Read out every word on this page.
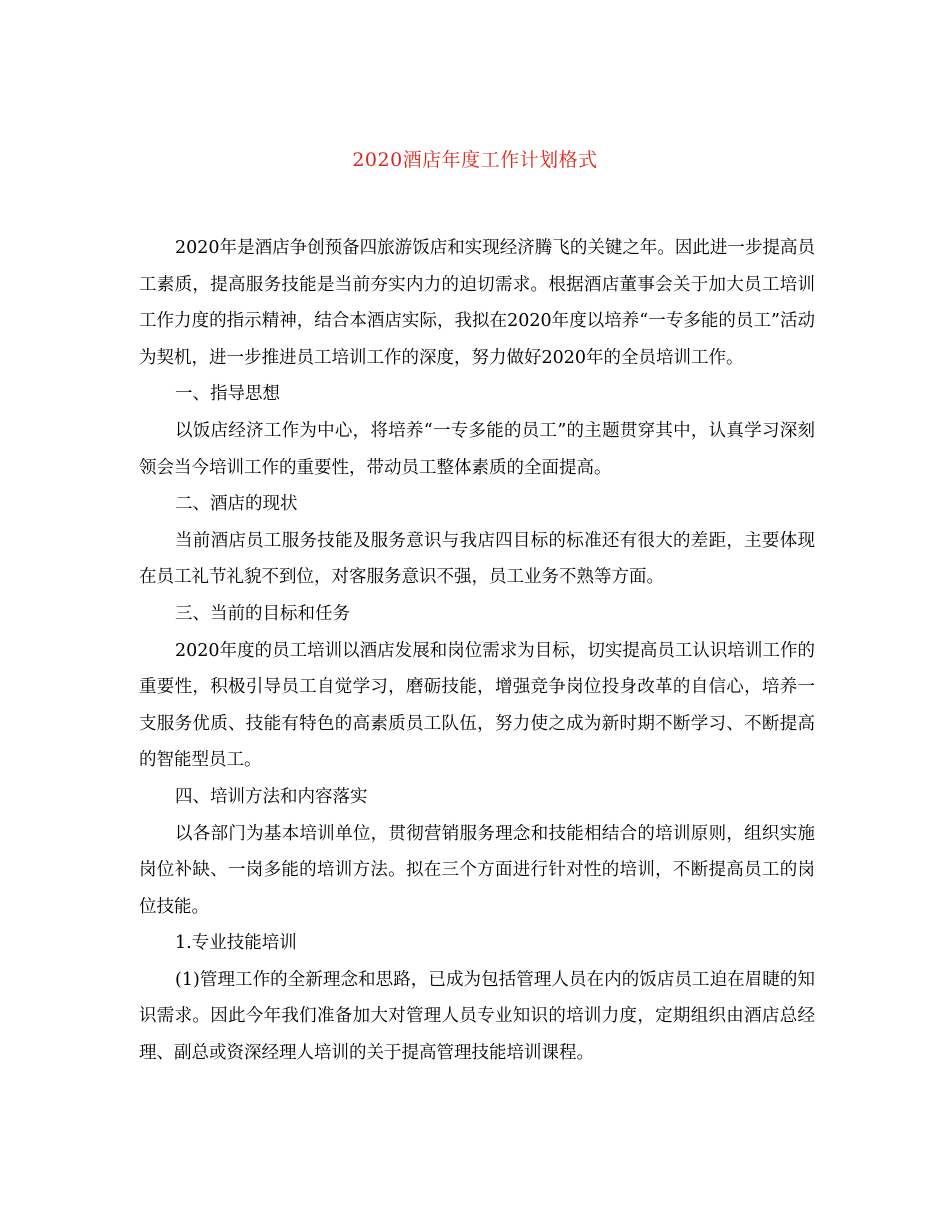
2020酒店年度工作计划格式

2020年是酒店争创预备四旅游饭店和实现经济腾飞的关键之年。因此进一步提高员工素质，提高服务技能是当前夯实内力的迫切需求。根据酒店董事会关于加大员工培训工作力度的指示精神，结合本酒店实际，我拟在2020年度以培养“一专多能的员工”活动为契机，进一步推进员工培训工作的深度，努力做好2020年的全员培训工作。

一、指导思想

以饭店经济工作为中心，将培养“一专多能的员工”的主题贯穿其中，认真学习深刻领会当今培训工作的重要性，带动员工整体素质的全面提高。

二、酒店的现状

当前酒店员工服务技能及服务意识与我店四目标的标准还有很大的差距，主要体现在员工礼节礼貌不到位，对客服务意识不强，员工业务不熟等方面。

三、当前的目标和任务

2020年度的员工培训以酒店发展和岗位需求为目标，切实提高员工认识培训工作的重要性，积极引导员工自觉学习，磨砺技能，增强竞争岗位投身改革的自信心，培养一支服务优质、技能有特色的高素质员工队伍，努力使之成为新时期不断学习、不断提高的智能型员工。

四、培训方法和内容落实

以各部门为基本培训单位，贯彻营销服务理念和技能相结合的培训原则，组织实施岗位补缺、一岗多能的培训方法。拟在三个方面进行针对性的培训，不断提高员工的岗位技能。

1.专业技能培训

(1)管理工作的全新理念和思路，已成为包括管理人员在内的饭店员工迫在眉睫的知识需求。因此今年我们准备加大对管理人员专业知识的培训力度，定期组织由酒店总经理、副总或资深经理人培训的关于提高管理技能培训课程。
